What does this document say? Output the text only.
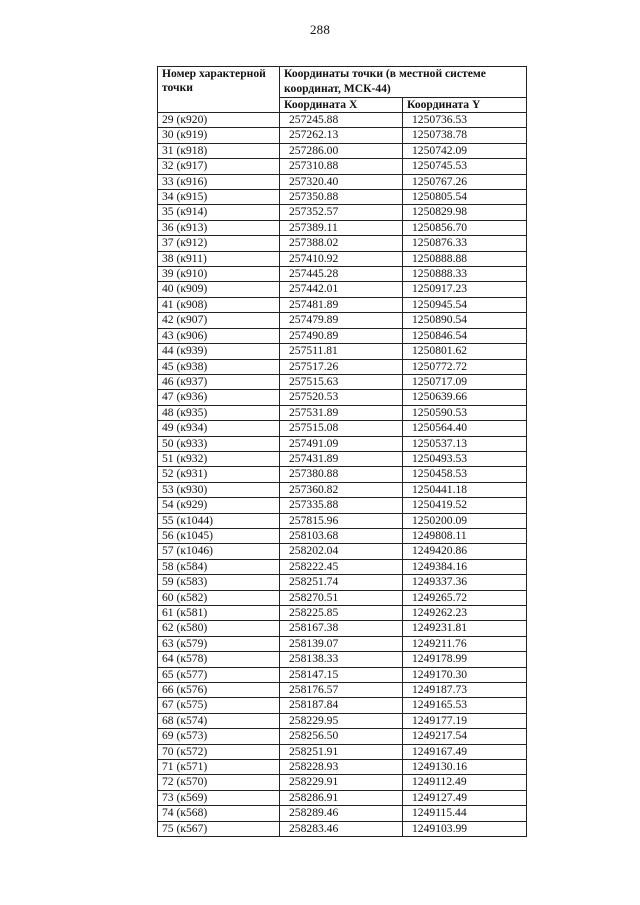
288
Номер характерной точки	Координаты точки (в местной системе координат, МСК-44)	
	Координата X	Координата Y
29 (к920)	257245.88	1250736.53
30 (к919)	257262.13	1250738.78
31 (к918)	257286.00	1250742.09
32 (к917)	257310.88	1250745.53
33 (к916)	257320.40	1250767.26
34 (к915)	257350.88	1250805.54
35 (к914)	257352.57	1250829.98
36 (к913)	257389.11	1250856.70
37 (к912)	257388.02	1250876.33
38 (к911)	257410.92	1250888.88
39 (к910)	257445.28	1250888.33
40 (к909)	257442.01	1250917.23
41 (к908)	257481.89	1250945.54
42 (к907)	257479.89	1250890.54
43 (к906)	257490.89	1250846.54
44 (к939)	257511.81	1250801.62
45 (к938)	257517.26	1250772.72
46 (к937)	257515.63	1250717.09
47 (к936)	257520.53	1250639.66
48 (к935)	257531.89	1250590.53
49 (к934)	257515.08	1250564.40
50 (к933)	257491.09	1250537.13
51 (к932)	257431.89	1250493.53
52 (к931)	257380.88	1250458.53
53 (к930)	257360.82	1250441.18
54 (к929)	257335.88	1250419.52
55 (к1044)	257815.96	1250200.09
56 (к1045)	258103.68	1249808.11
57 (к1046)	258202.04	1249420.86
58 (к584)	258222.45	1249384.16
59 (к583)	258251.74	1249337.36
60 (к582)	258270.51	1249265.72
61 (к581)	258225.85	1249262.23
62 (к580)	258167.38	1249231.81
63 (к579)	258139.07	1249211.76
64 (к578)	258138.33	1249178.99
65 (к577)	258147.15	1249170.30
66 (к576)	258176.57	1249187.73
67 (к575)	258187.84	1249165.53
68 (к574)	258229.95	1249177.19
69 (к573)	258256.50	1249217.54
70 (к572)	258251.91	1249167.49
71 (к571)	258228.93	1249130.16
72 (к570)	258229.91	1249112.49
73 (к569)	258286.91	1249127.49
74 (к568)	258289.46	1249115.44
75 (к567)	258283.46	1249103.99
